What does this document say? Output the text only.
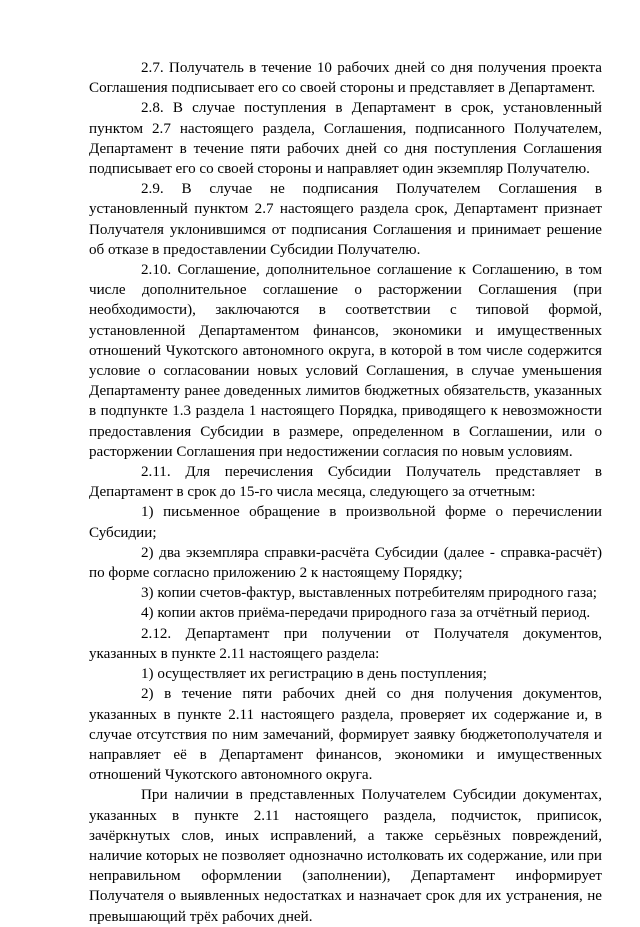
2.7. Получатель в течение 10 рабочих дней со дня получения проекта Соглашения подписывает его со своей стороны и представляет в Департамент.

2.8. В случае поступления в Департамент в срок, установленный пунктом 2.7 настоящего раздела, Соглашения, подписанного Получателем, Департамент в течение пяти рабочих дней со дня поступления Соглашения подписывает его со своей стороны и направляет один экземпляр Получателю.

2.9. В случае не подписания Получателем Соглашения в установленный пунктом 2.7 настоящего раздела срок, Департамент признает Получателя уклонившимся от подписания Соглашения и принимает решение об отказе в предоставлении Субсидии Получателю.

2.10. Соглашение, дополнительное соглашение к Соглашению, в том числе дополнительное соглашение о расторжении Соглашения (при необходимости), заключаются в соответствии с типовой формой, установленной Департаментом финансов, экономики и имущественных отношений Чукотского автономного округа, в которой в том числе содержится условие о согласовании новых условий Соглашения, в случае уменьшения Департаменту ранее доведенных лимитов бюджетных обязательств, указанных в подпункте 1.3 раздела 1 настоящего Порядка, приводящего к невозможности предоставления Субсидии в размере, определенном в Соглашении, или о расторжении Соглашения при недостижении согласия по новым условиям.

2.11. Для перечисления Субсидии Получатель представляет в Департамент в срок до 15-го числа месяца, следующего за отчетным:

1) письменное обращение в произвольной форме о перечислении Субсидии;

2) два экземпляра справки-расчёта Субсидии (далее - справка-расчёт) по форме согласно приложению 2 к настоящему Порядку;

3) копии счетов-фактур, выставленных потребителям природного газа;

4) копии актов приёма-передачи природного газа за отчётный период.

2.12. Департамент при получении от Получателя документов, указанных в пункте 2.11 настоящего раздела:

1) осуществляет их регистрацию в день поступления;

2) в течение пяти рабочих дней со дня получения документов, указанных в пункте 2.11 настоящего раздела, проверяет их содержание и, в случае отсутствия по ним замечаний, формирует заявку бюджетополучателя и направляет её в Департамент финансов, экономики и имущественных отношений Чукотского автономного округа.

При наличии в представленных Получателем Субсидии документах, указанных в пункте 2.11 настоящего раздела, подчисток, приписок, зачёркнутых слов, иных исправлений, а также серьёзных повреждений, наличие которых не позволяет однозначно истолковать их содержание, или при неправильном оформлении (заполнении), Департамент информирует Получателя о выявленных недостатках и назначает срок для их устранения, не превышающий трёх рабочих дней.
